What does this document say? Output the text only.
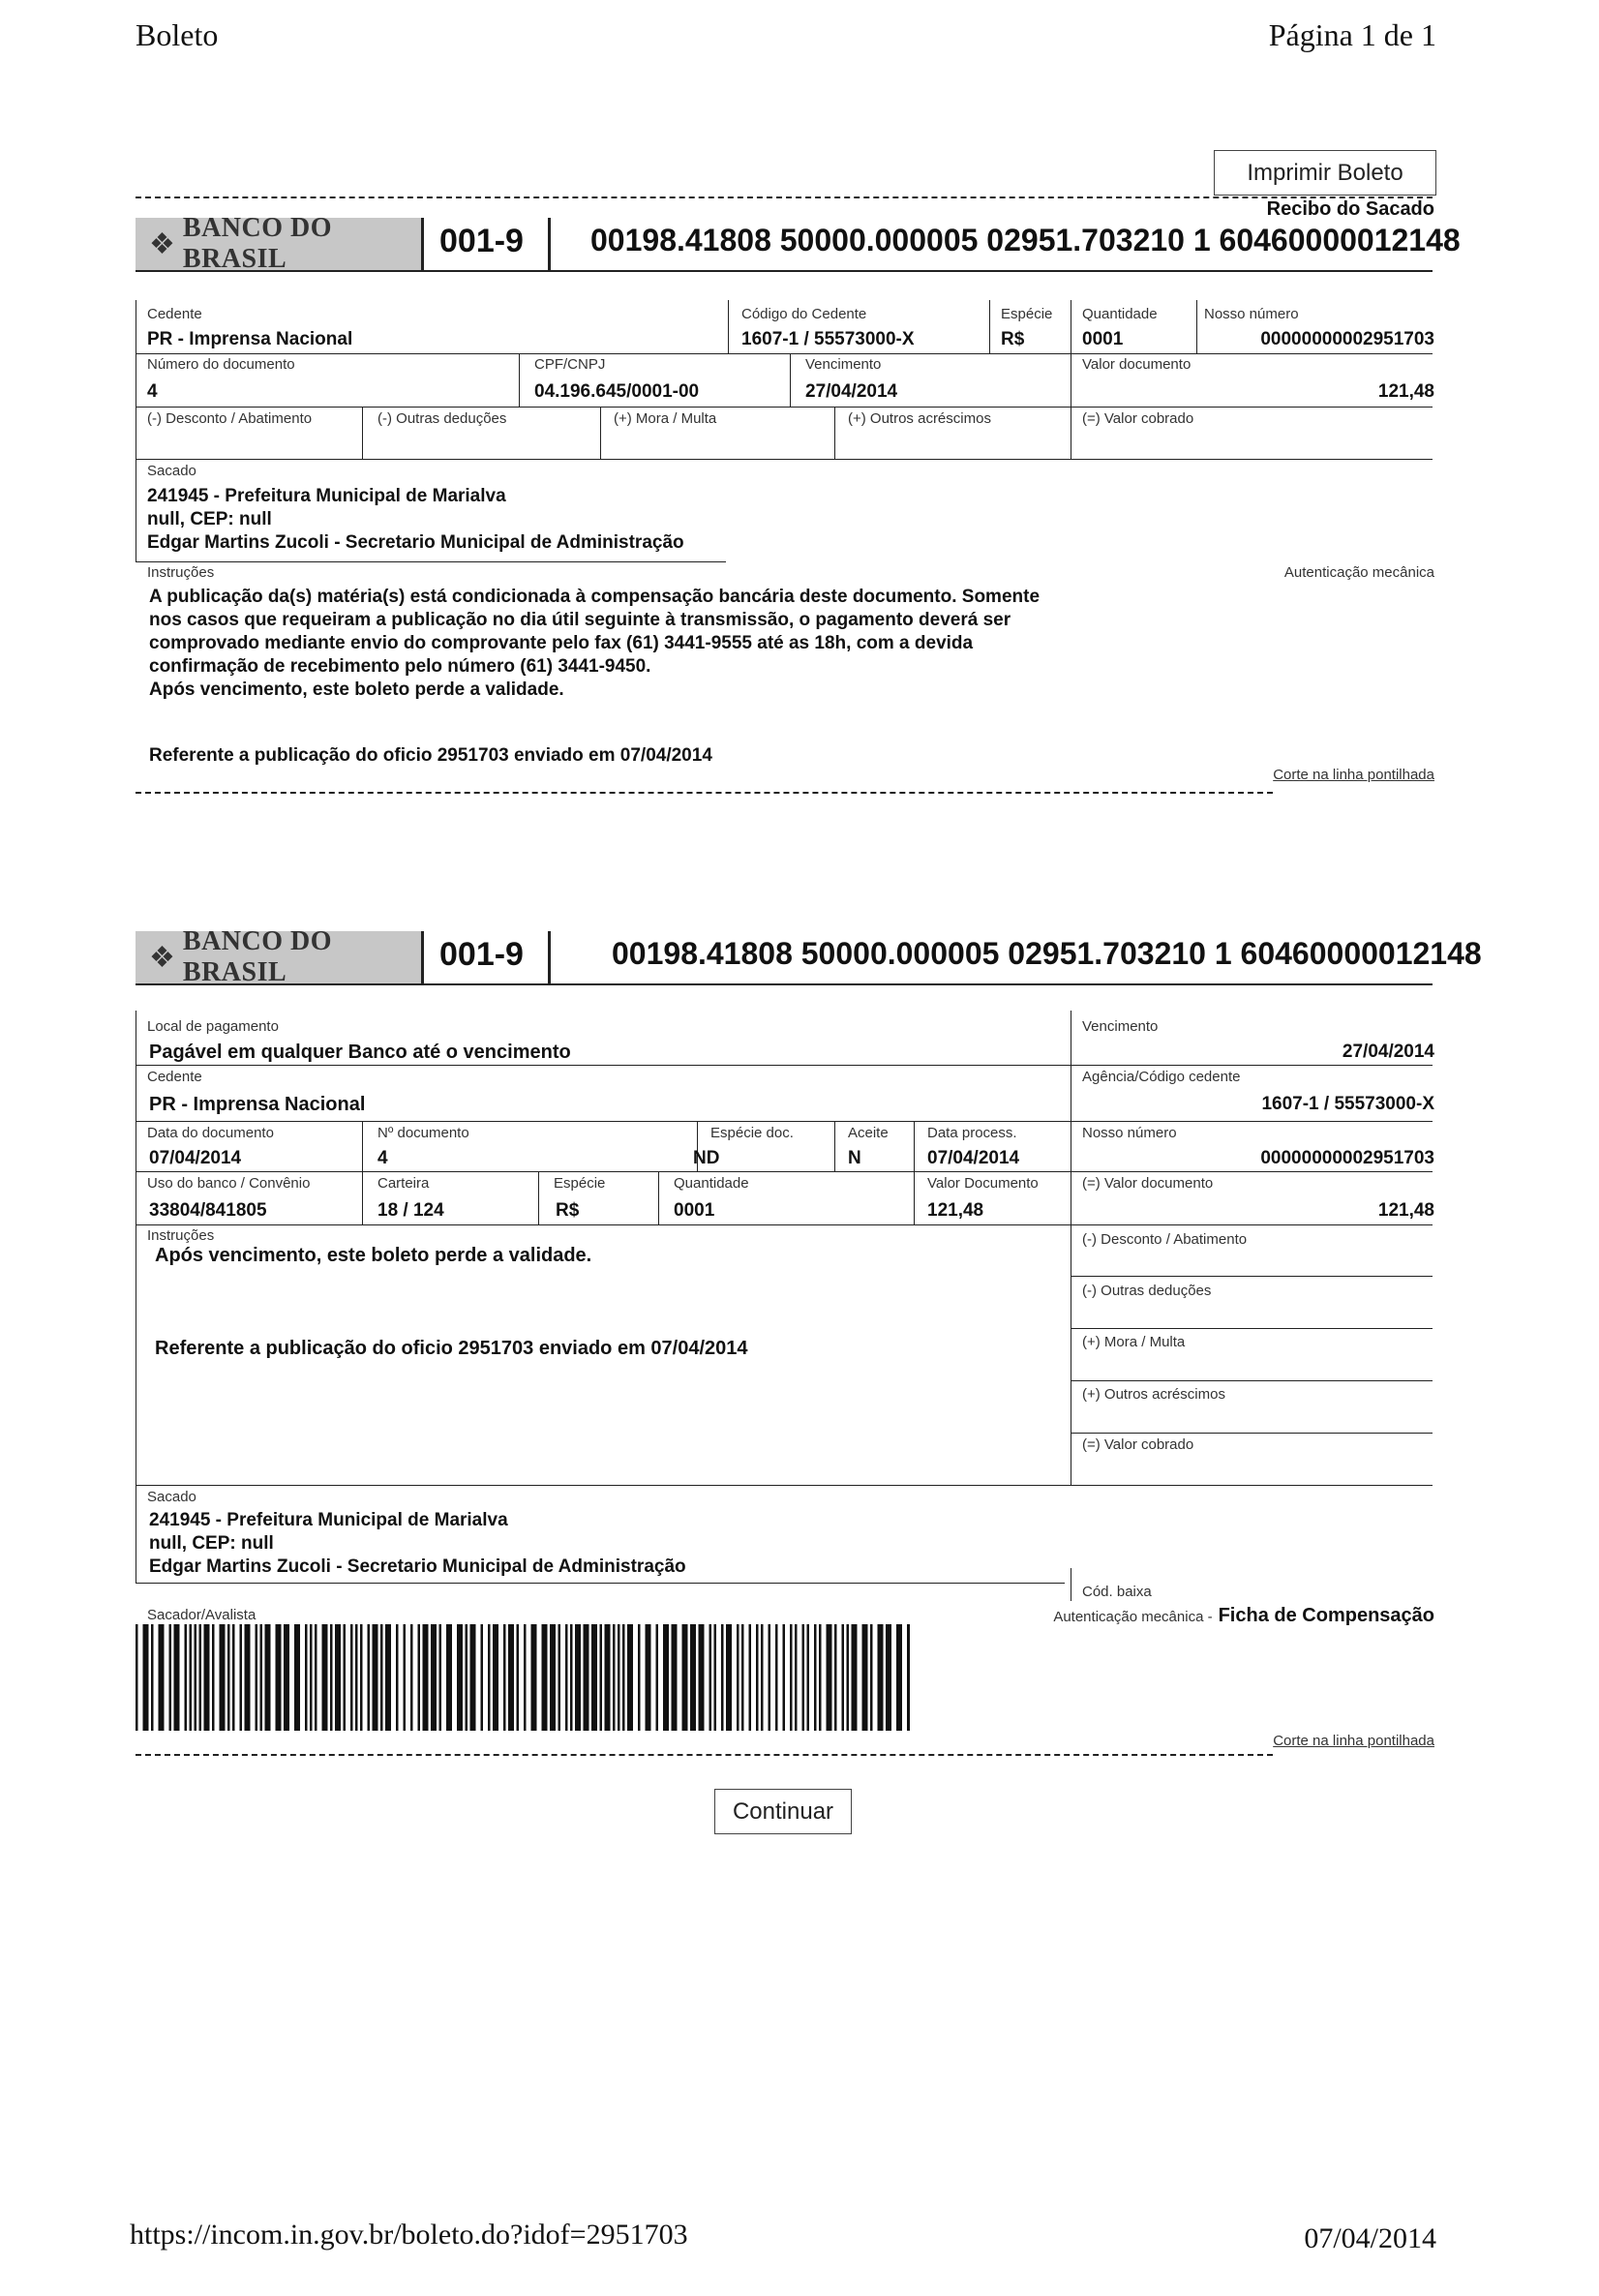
Boleto	Página 1 de 1
Imprimir Boleto
Recibo do Sacado
❖ BANCO DO BRASIL	001-9 00198.41808 50000.000005 02951.703210 1 60460000012148
Cedente
PR - Imprensa Nacional
Código do Cedente
1607-1 / 55573000-X
Espécie
R$
Quantidade
0001
Nosso número
00000000002951703
Número do documento
4
CPF/CNPJ
04.196.645/0001-00
Vencimento
27/04/2014
Valor documento
121,48
(-) Desconto / Abatimento	(-) Outras deduções	(+) Mora / Multa	(+) Outros acréscimos	(=) Valor cobrado
Sacado
241945 - Prefeitura Municipal de Marialva
null, CEP: null
Edgar Martins Zucoli - Secretario Municipal de Administração
Instruções	Autenticação mecânica
A publicação da(s) matéria(s) está condicionada à compensação bancária deste documento. Somente
nos casos que requeiram a publicação no dia útil seguinte à transmissão, o pagamento deverá ser
comprovado mediante envio do comprovante pelo fax (61) 3441-9555 até as 18h, com a devida
confirmação de recebimento pelo número (61) 3441-9450.
Após vencimento, este boleto perde a validade.
Referente a publicação do oficio 2951703 enviado em 07/04/2014
Corte na linha pontilhada
❖ BANCO DO BRASIL	001-9	00198.41808 50000.000005 02951.703210 1 60460000012148
Local de pagamento
Pagável em qualquer Banco até o vencimento
Vencimento
27/04/2014
Cedente
PR - Imprensa Nacional
Agência/Código cedente
1607-1 / 55573000-X
Data do documento
07/04/2014
Nº documento
4
Espécie doc.
ND
Aceite
N
Data process.
07/04/2014
Nosso número
00000000002951703
Uso do banco / Convênio
33804/841805
Carteira
18 / 124
Espécie
R$
Quantidade
0001
Valor Documento
121,48
(=) Valor documento
121,48
Instruções
Após vencimento, este boleto perde a validade.
Referente a publicação do oficio 2951703 enviado em 07/04/2014
(-) Desconto / Abatimento
(-) Outras deduções
(+) Mora / Multa
(+) Outros acréscimos
(=) Valor cobrado
Sacado
241945 - Prefeitura Municipal de Marialva
null, CEP: null
Edgar Martins Zucoli - Secretario Municipal de Administração
Cód. baixa
Sacador/Avalista	Autenticação mecânica - Ficha de Compensação
Corte na linha pontilhada
Continuar
https://incom.in.gov.br/boleto.do?idof=2951703	07/04/2014
